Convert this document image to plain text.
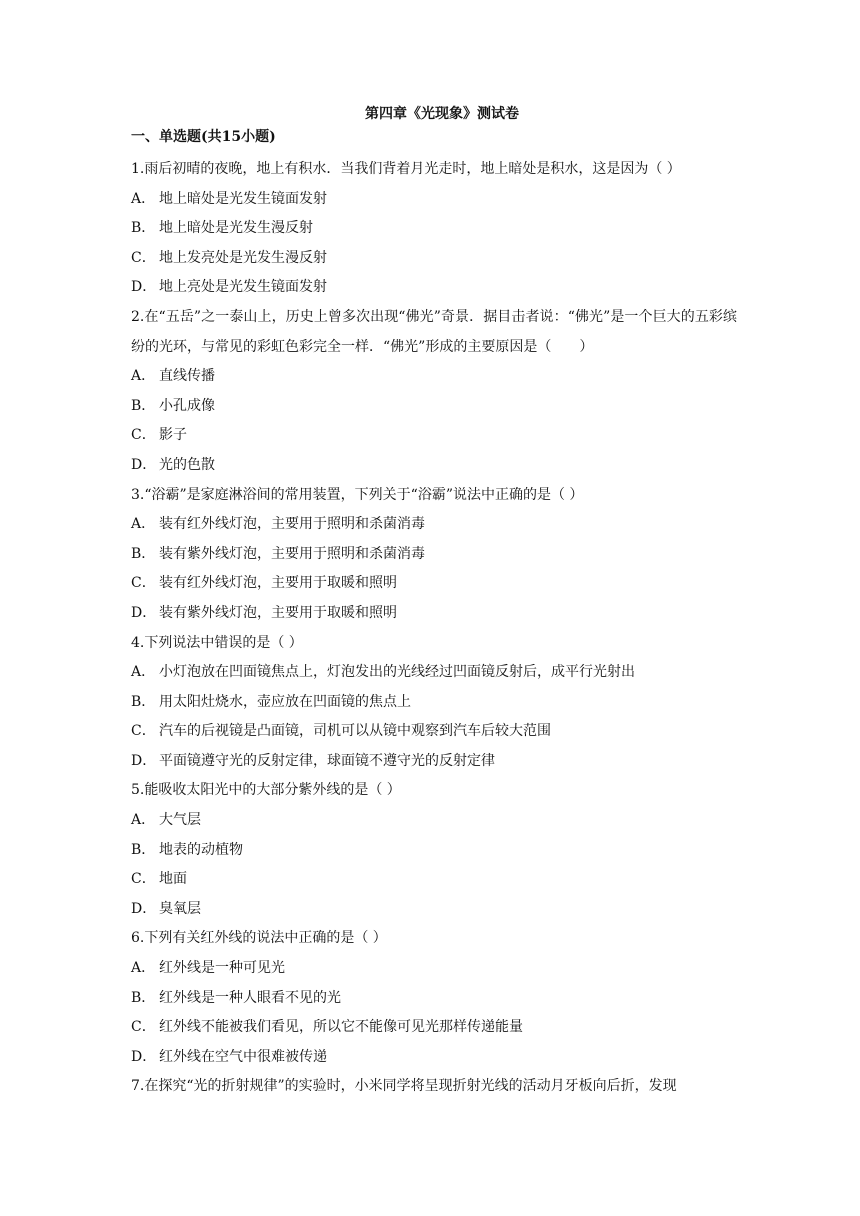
第四章《光现象》测试卷
一、单选题(共15小题)
1.雨后初晴的夜晚，地上有积水．当我们背着月光走时，地上暗处是积水，这是因为（ ）
A． 地上暗处是光发生镜面发射
B． 地上暗处是光发生漫反射
C． 地上发亮处是光发生漫反射
D． 地上亮处是光发生镜面发射
2.在“五岳”之一泰山上，历史上曾多次出现“佛光”奇景．据目击者说：“佛光”是一个巨大的五彩缤纷的光环，与常见的彩虹色彩完全一样．“佛光”形成的主要原因是（　　）
A． 直线传播
B． 小孔成像
C． 影子
D． 光的色散
3.“浴霸”是家庭淋浴间的常用装置，下列关于“浴霸”说法中正确的是（ ）
A． 装有红外线灯泡，主要用于照明和杀菌消毒
B． 装有紫外线灯泡，主要用于照明和杀菌消毒
C． 装有红外线灯泡，主要用于取暖和照明
D． 装有紫外线灯泡，主要用于取暖和照明
4.下列说法中错误的是（ ）
A． 小灯泡放在凹面镜焦点上，灯泡发出的光线经过凹面镜反射后，成平行光射出
B． 用太阳灶烧水，壶应放在凹面镜的焦点上
C． 汽车的后视镜是凸面镜，司机可以从镜中观察到汽车后较大范围
D． 平面镜遵守光的反射定律，球面镜不遵守光的反射定律
5.能吸收太阳光中的大部分紫外线的是（ ）
A． 大气层
B． 地表的动植物
C． 地面
D． 臭氧层
6.下列有关红外线的说法中正确的是（ ）
A． 红外线是一种可见光
B． 红外线是一种人眼看不见的光
C． 红外线不能被我们看见，所以它不能像可见光那样传递能量
D． 红外线在空气中很难被传递
7.在探究“光的折射规律”的实验时，小米同学将呈现折射光线的活动月牙板向后折，发现
